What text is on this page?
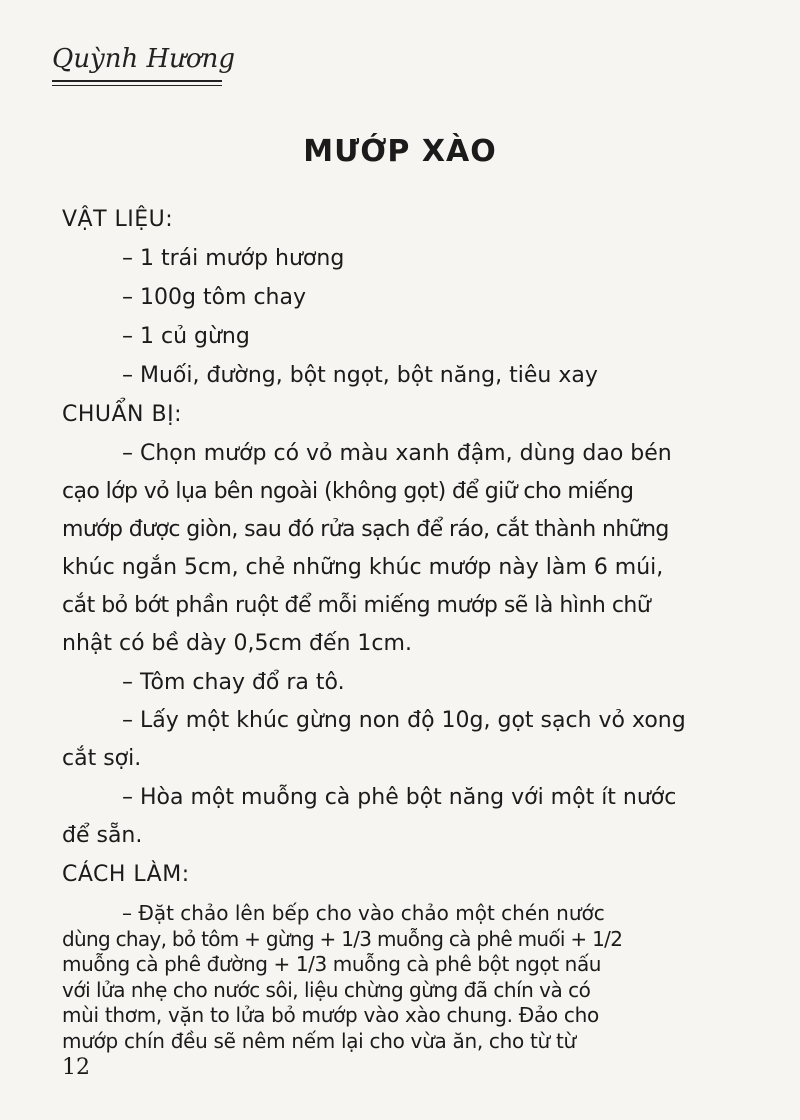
Quỳnh Hương
MƯỚP XÀO
VẬT LIỆU:
– 1 trái mướp hương
– 100g tôm chay
– 1 củ gừng
– Muối, đường, bột ngọt, bột năng, tiêu xay
CHUẨN BỊ:
– Chọn mướp có vỏ màu xanh đậm, dùng dao bén
cạo lớp vỏ lụa bên ngoài (không gọt) để giữ cho miếng
mướp được giòn, sau đó rửa sạch để ráo, cắt thành những
khúc ngắn 5cm, chẻ những khúc mướp này làm 6 múi,
cắt bỏ bớt phần ruột để mỗi miếng mướp sẽ là hình chữ
nhật có bề dày 0,5cm đến 1cm.
– Tôm chay đổ ra tô.
– Lấy một khúc gừng non độ 10g, gọt sạch vỏ xong
cắt sợi.
– Hòa một muỗng cà phê bột năng với một ít nước
để sẵn.
CÁCH LÀM:
– Đặt chảo lên bếp cho vào chảo một chén nước
dùng chay, bỏ tôm + gừng + 1/3 muỗng cà phê muối + 1/2
muỗng cà phê đường + 1/3 muỗng cà phê bột ngọt nấu
với lửa nhẹ cho nước sôi, liệu chừng gừng đã chín và có
12
mùi thơm, vặn to lửa bỏ mướp vào xào chung. Đảo cho
mướp chín đều sẽ nêm nếm lại cho vừa ăn, cho từ từ
